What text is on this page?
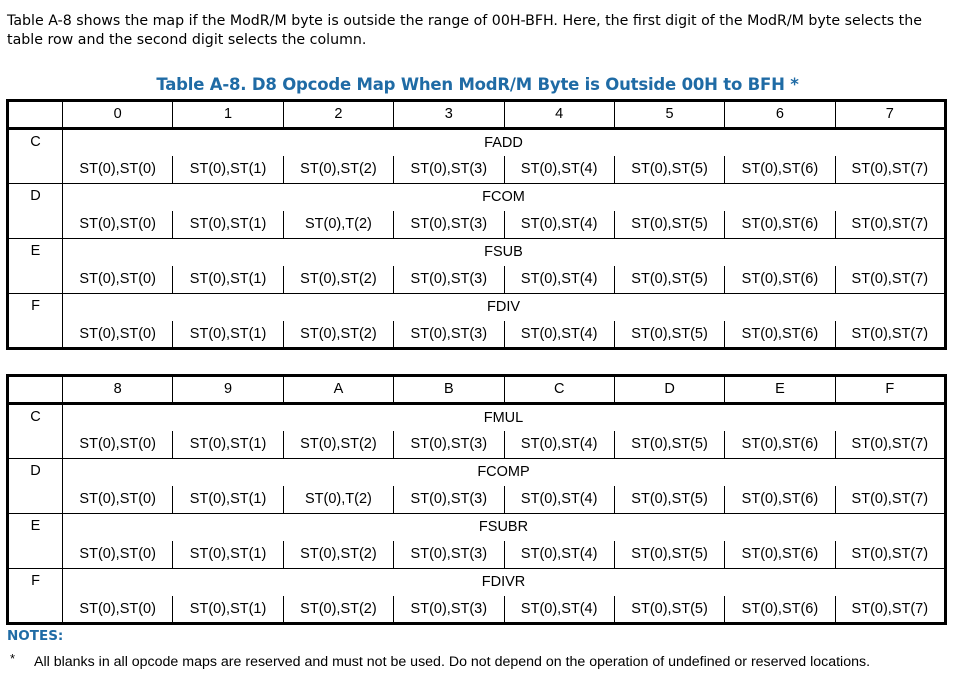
Table A-8 shows the map if the ModR/M byte is outside the range of 00H-BFH. Here, the first digit of the ModR/M byte selects the table row and the second digit selects the column.

Table A-8. D8 Opcode Map When ModR/M Byte is Outside 00H to BFH *
	0	1	2	3	4	5	6	7
C	FADD							
	ST(0),ST(0)	ST(0),ST(1)	ST(0),ST(2)	ST(0),ST(3)	ST(0),ST(4)	ST(0),ST(5)	ST(0),ST(6)	ST(0),ST(7)
D	FCOM							
	ST(0),ST(0)	ST(0),ST(1)	ST(0),T(2)	ST(0),ST(3)	ST(0),ST(4)	ST(0),ST(5)	ST(0),ST(6)	ST(0),ST(7)
E	FSUB							
	ST(0),ST(0)	ST(0),ST(1)	ST(0),ST(2)	ST(0),ST(3)	ST(0),ST(4)	ST(0),ST(5)	ST(0),ST(6)	ST(0),ST(7)
F	FDIV							
	ST(0),ST(0)	ST(0),ST(1)	ST(0),ST(2)	ST(0),ST(3)	ST(0),ST(4)	ST(0),ST(5)	ST(0),ST(6)	ST(0),ST(7)
	8	9	A	B	C	D	E	F
C	FMUL							
	ST(0),ST(0)	ST(0),ST(1)	ST(0),ST(2)	ST(0),ST(3)	ST(0),ST(4)	ST(0),ST(5)	ST(0),ST(6)	ST(0),ST(7)
D	FCOMP							
	ST(0),ST(0)	ST(0),ST(1)	ST(0),T(2)	ST(0),ST(3)	ST(0),ST(4)	ST(0),ST(5)	ST(0),ST(6)	ST(0),ST(7)
E	FSUBR							
	ST(0),ST(0)	ST(0),ST(1)	ST(0),ST(2)	ST(0),ST(3)	ST(0),ST(4)	ST(0),ST(5)	ST(0),ST(6)	ST(0),ST(7)
F	FDIVR							
	ST(0),ST(0)	ST(0),ST(1)	ST(0),ST(2)	ST(0),ST(3)	ST(0),ST(4)	ST(0),ST(5)	ST(0),ST(6)	ST(0),ST(7)

NOTES:

* All blanks in all opcode maps are reserved and must not be used. Do not depend on the operation of undefined or reserved locations.
